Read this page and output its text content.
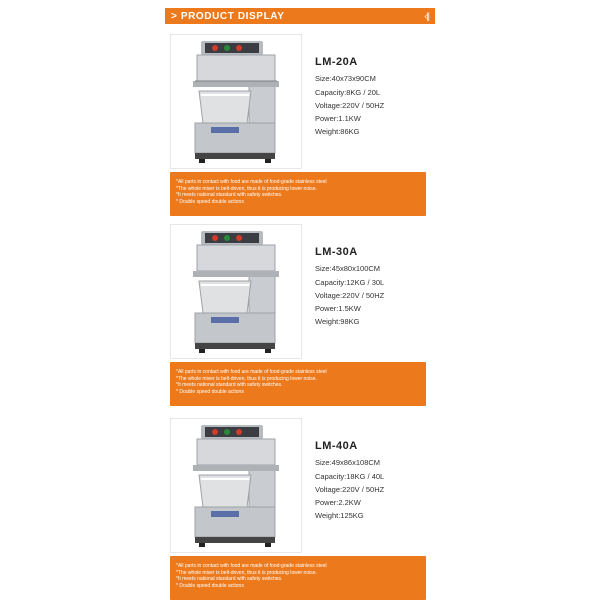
> PRODUCT DISPLAY	‹||
LM-20A
Size:40x73x90CM
Capacity:8KG / 20L
Voltage:220V / 50HZ
Power:1.1KW
Weight:86KG
*All parts in contact with food are made of food-grade stainless steel
*The whole mixer is belt-driven, thus it is producing lower noise.
*It meets national standard with safety switches.
* Double speed double actions
LM-30A
Size:45x80x100CM
Capacity:12KG / 30L
Voltage:220V / 50HZ
Power:1.5KW
Weight:98KG
*All parts in contact with food are made of food-grade stainless steel
*The whole mixer is belt-driven, thus it is producing lower noise.
*It meets national standard with safety switches.
* Double speed double actions
LM-40A
Size:49x86x108CM
Capacity:18KG / 40L
Voltage:220V / 50HZ
Power:2.2KW
Weight:125KG
*All parts in contact with food are made of food-grade stainless steel
*The whole mixer is belt-driven, thus it is producing lower noise.
*It meets national standard with safety switches.
* Double speed double actions
